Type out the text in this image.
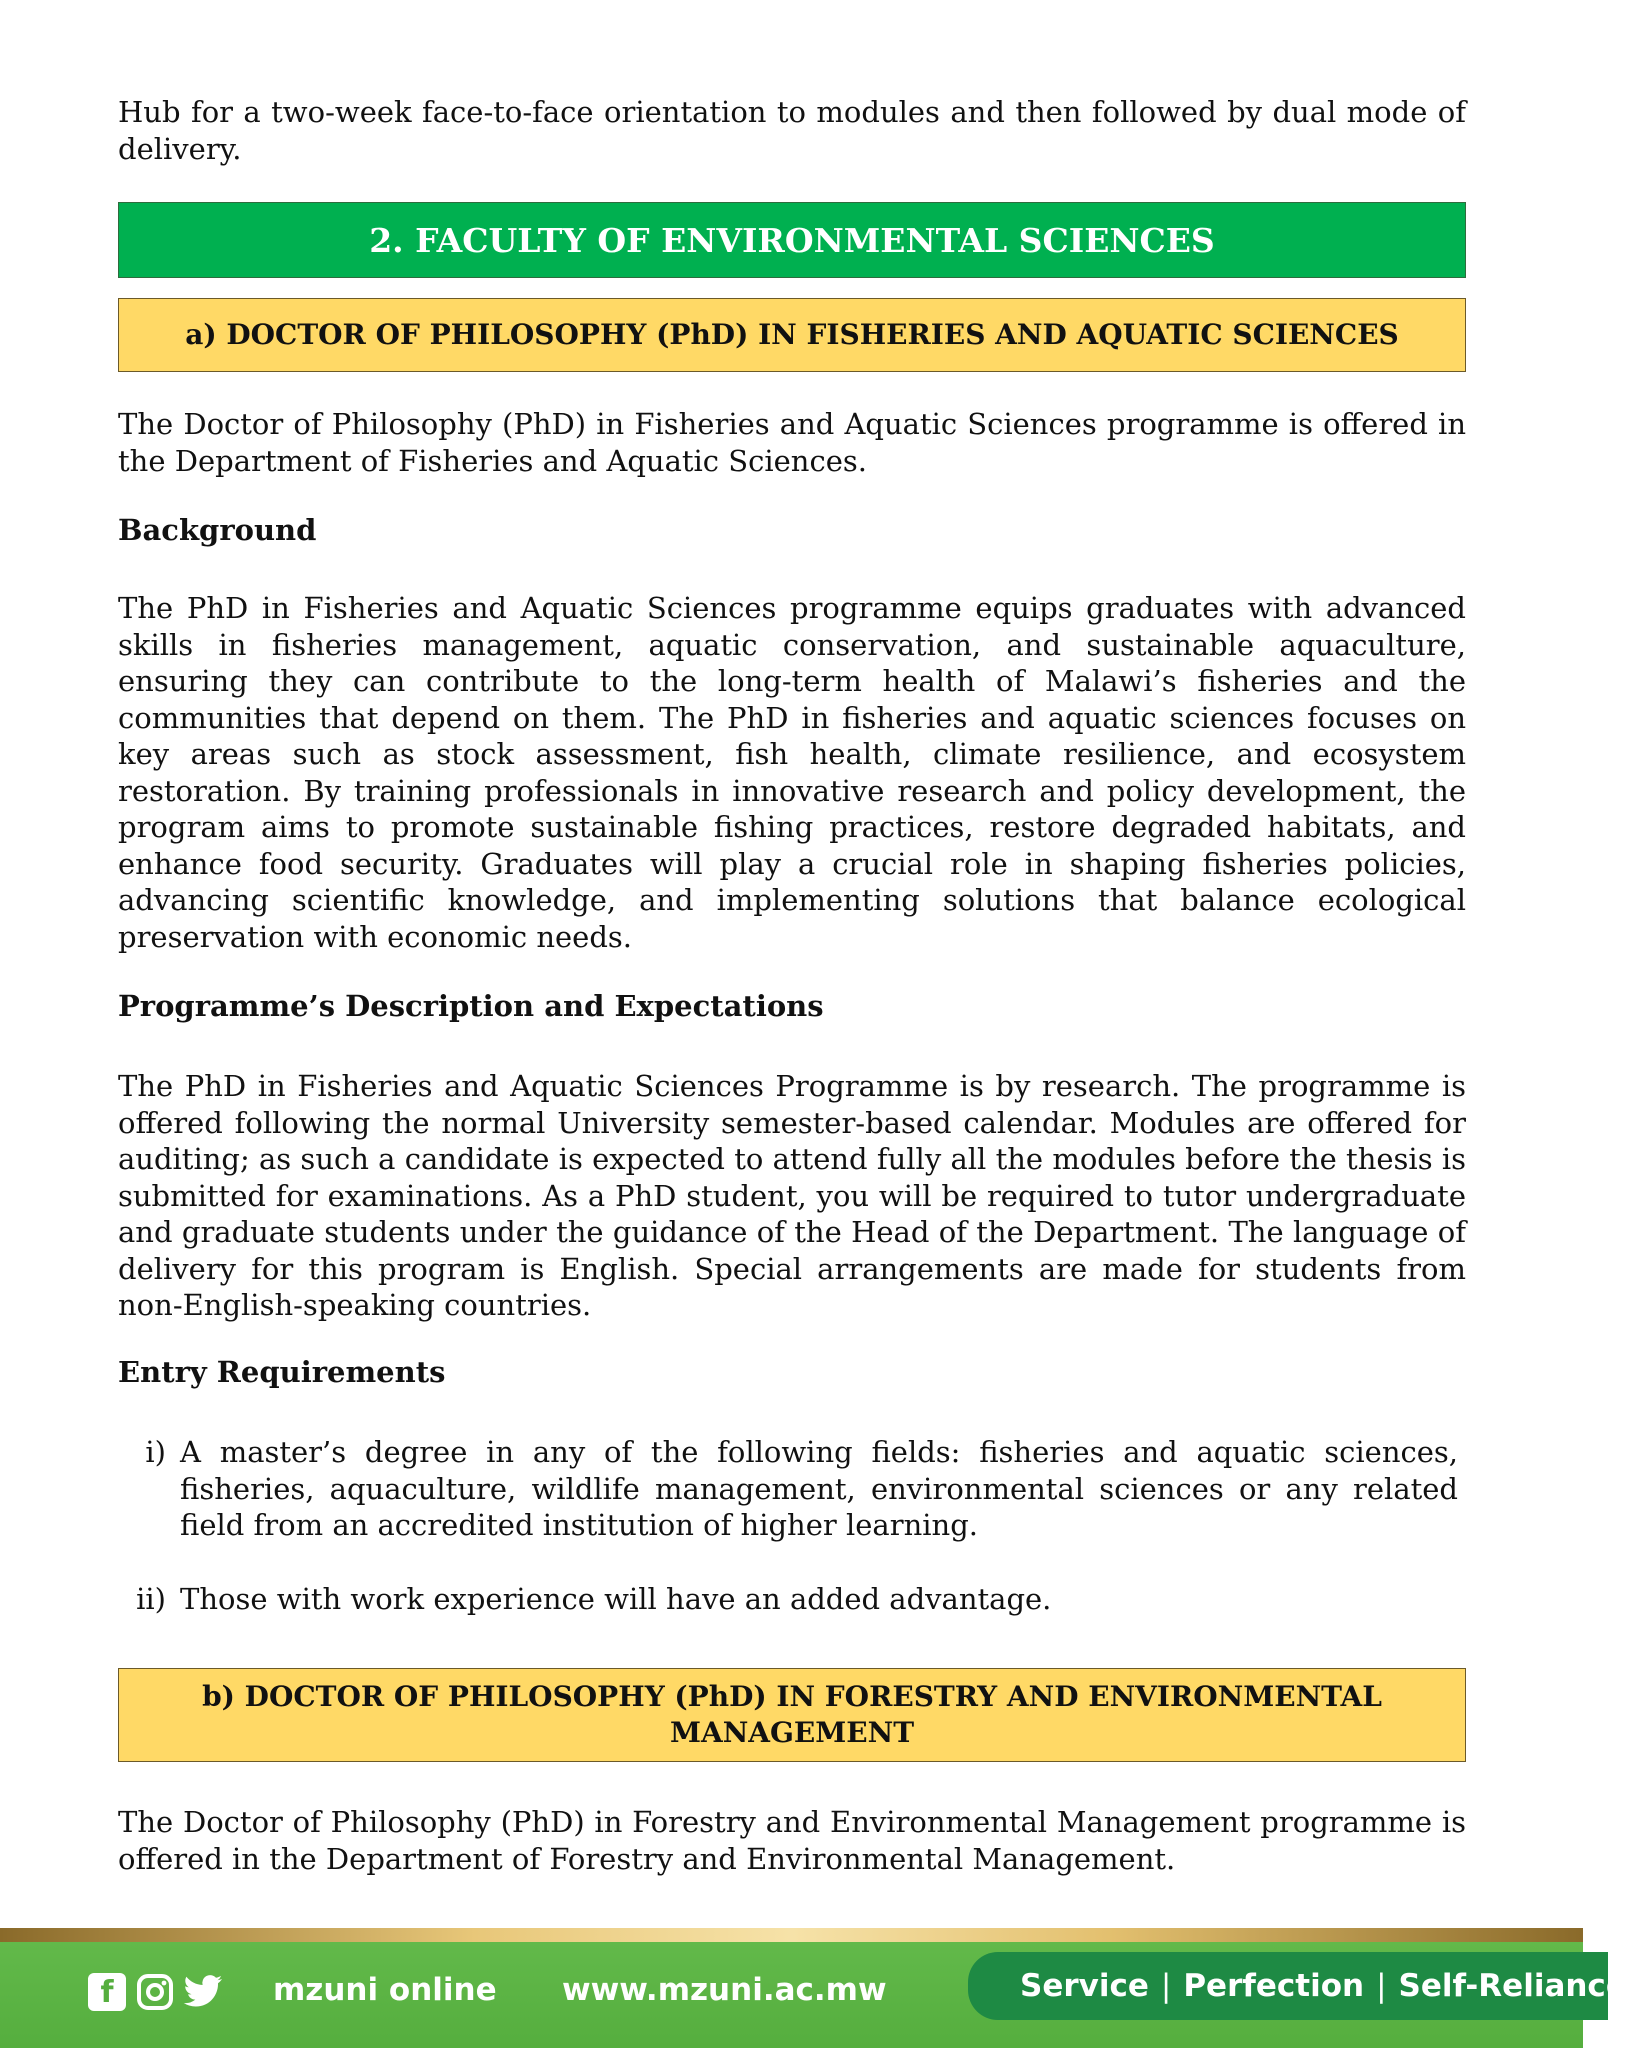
Hub for a two-week face-to-face orientation to modules and then followed by dual mode of delivery.

2. FACULTY OF ENVIRONMENTAL SCIENCES
a) DOCTOR OF PHILOSOPHY (PhD) IN FISHERIES AND AQUATIC SCIENCES

The Doctor of Philosophy (PhD) in Fisheries and Aquatic Sciences programme is offered in the Department of Fisheries and Aquatic Sciences.

Background

The PhD in Fisheries and Aquatic Sciences programme equips graduates with advanced skills in fisheries management, aquatic conservation, and sustainable aquaculture, ensuring they can contribute to the long-term health of Malawi’s fisheries and the communities that depend on them. The PhD in fisheries and aquatic sciences focuses on key areas such as stock assessment, fish health, climate resilience, and ecosystem restoration. By training professionals in innovative research and policy development, the program aims to promote sustainable fishing practices, restore degraded habitats, and enhance food security. Graduates will play a crucial role in shaping fisheries policies, advancing scientific knowledge, and implementing solutions that balance ecological preservation with economic needs.

Programme’s Description and Expectations

The PhD in Fisheries and Aquatic Sciences Programme is by research. The programme is offered following the normal University semester-based calendar. Modules are offered for auditing; as such a candidate is expected to attend fully all the modules before the thesis is submitted for examinations. As a PhD student, you will be required to tutor undergraduate and graduate students under the guidance of the Head of the Department. The language of delivery for this program is English. Special arrangements are made for students from non-English-speaking countries.

Entry Requirements

i) A master’s degree in any of the following fields: fisheries and aquatic sciences, fisheries, aquaculture, wildlife management, environmental sciences or any related field from an accredited institution of higher learning.
ii) Those with work experience will have an added advantage.
b) DOCTOR OF PHILOSOPHY (PhD) IN FORESTRY AND ENVIRONMENTAL
MANAGEMENT

The Doctor of Philosophy (PhD) in Forestry and Environmental Management programme is offered in the Department of Forestry and Environmental Management.

f	mzuni online www.mzuni.ac.mw	Service | Perfection | Self-Reliance
